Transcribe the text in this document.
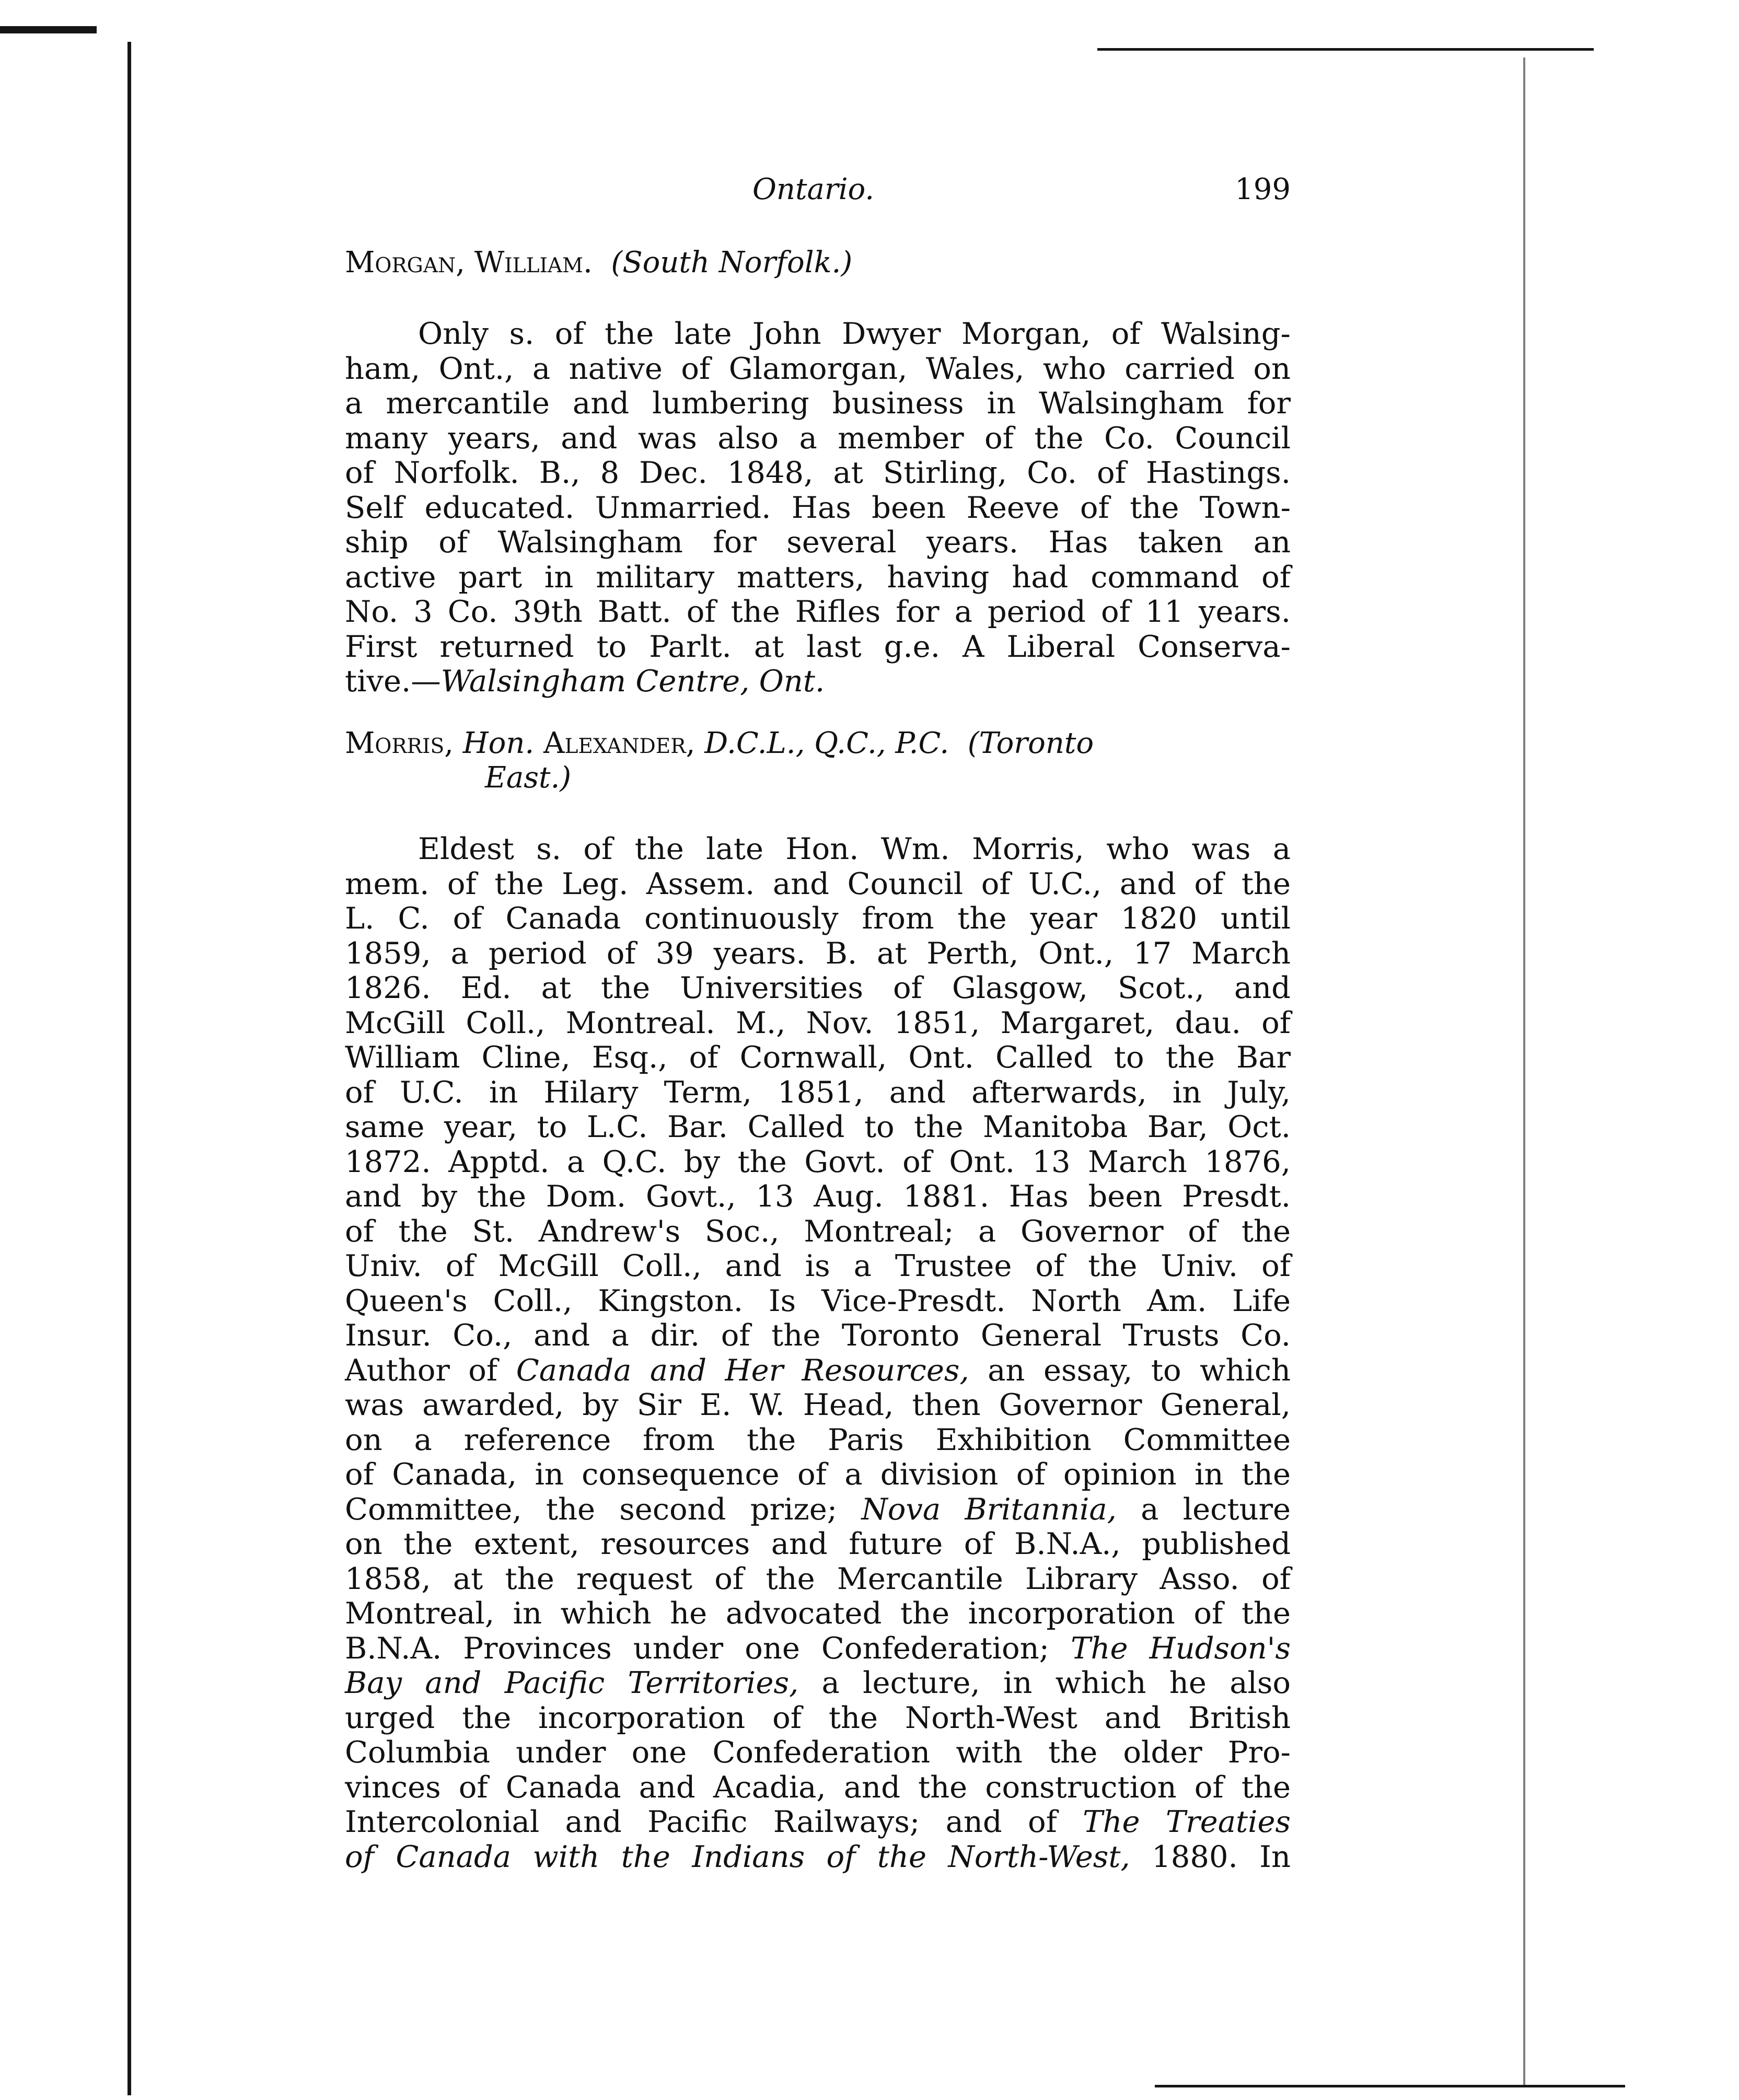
Ontario.	199
Morgan, William. (South Norfolk.)
Only s. of the late John Dwyer Morgan, of Walsing-
ham, Ont., a native of Glamorgan, Wales, who carried on
a mercantile and lumbering business in Walsingham for
many years, and was also a member of the Co. Council
of Norfolk. B., 8 Dec. 1848, at Stirling, Co. of Hastings.
Self educated. Unmarried. Has been Reeve of the Town-
ship of Walsingham for several years. Has taken an
active part in military matters, having had command of
No. 3 Co. 39th Batt. of the Rifles for a period of 11 years.
First returned to Parlt. at last g.e. A Liberal Conserva-
tive.—Walsingham Centre, Ont.
Morris, Hon. Alexander, D.C.L., Q.C., P.C. (Toronto
East.)
Eldest s. of the late Hon. Wm. Morris, who was a
mem. of the Leg. Assem. and Council of U.C., and of the
L. C. of Canada continuously from the year 1820 until
1859, a period of 39 years. B. at Perth, Ont., 17 March
1826. Ed. at the Universities of Glasgow, Scot., and
McGill Coll., Montreal. M., Nov. 1851, Margaret, dau. of
William Cline, Esq., of Cornwall, Ont. Called to the Bar
of U.C. in Hilary Term, 1851, and afterwards, in July,
same year, to L.C. Bar. Called to the Manitoba Bar, Oct.
1872. Apptd. a Q.C. by the Govt. of Ont. 13 March 1876,
and by the Dom. Govt., 13 Aug. 1881. Has been Presdt.
of the St. Andrew's Soc., Montreal; a Governor of the
Univ. of McGill Coll., and is a Trustee of the Univ. of
Queen's Coll., Kingston. Is Vice-Presdt. North Am. Life
Insur. Co., and a dir. of the Toronto General Trusts Co.
Author of Canada and Her Resources, an essay, to which
was awarded, by Sir E. W. Head, then Governor General,
on a reference from the Paris Exhibition Committee
of Canada, in consequence of a division of opinion in the
Committee, the second prize; Nova Britannia, a lecture
on the extent, resources and future of B.N.A., published
1858, at the request of the Mercantile Library Asso. of
Montreal, in which he advocated the incorporation of the
B.N.A. Provinces under one Confederation; The Hudson's
Bay and Pacific Territories, a lecture, in which he also
urged the incorporation of the North-West and British
Columbia under one Confederation with the older Pro-
vinces of Canada and Acadia, and the construction of the
Intercolonial and Pacific Railways; and of The Treaties
of Canada with the Indians of the North-West, 1880. In
